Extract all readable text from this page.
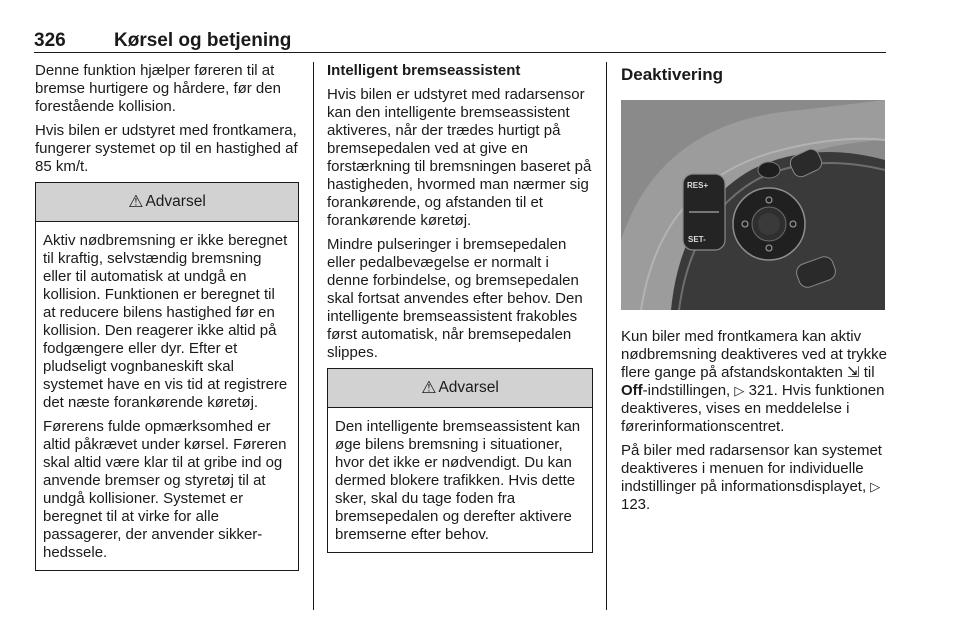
326	Kørsel og betjening

Denne funktion hjælper føreren til at bremse hurtigere og hårdere, før den forestående kollision.

Hvis bilen er udstyret med frontkamera, fungerer systemet op til en hastighed af 85 km/t.

⚠ Advarsel

Aktiv nødbremsning er ikke beregnet til kraftig, selvstændig bremsning eller til automatisk at undgå en kollision. Funktionen er beregnet til at reducere bilens hastighed før en kollision. Den reagerer ikke altid på fodgængere eller dyr. Efter et pludseligt vognbaneskift skal systemet have en vis tid at registrere det næste forankørende køretøj.

Førerens fulde opmærksomhed er altid påkrævet under kørsel. Føreren skal altid være klar til at gribe ind og anvende bremser og styretøj til at undgå kollisioner. Systemet er beregnet til at virke for alle passagerer, der anvender sikkerhedssele.

Intelligent bremseassistent

Hvis bilen er udstyret med radarsensor kan den intelligente bremseassistent aktiveres, når der trædes hurtigt på bremsepedalen ved at give en forstærkning til bremsningen baseret på hastigheden, hvormed man nærmer sig forankørende, og afstanden til et forankørende køretøj.

Mindre pulseringer i bremsepedalen eller pedalbevægelse er normalt i denne forbindelse, og bremsepedalen skal fortsat anvendes efter behov. Den intelligente bremseassistent frakobles først automatisk, når bremsepedalen slippes.

⚠ Advarsel

Den intelligente bremseassistent kan øge bilens bremsning i situationer, hvor det ikke er nødvendigt. Du kan dermed blokere trafikken. Hvis dette sker, skal du tage foden fra bremsepedalen og derefter aktivere bremserne efter behov.

Deaktivering
RES+
SET-

Kun biler med frontkamera kan aktiv nødbremsning deaktiveres ved at trykke flere gange på afstandskontakten ⇲ til Off-indstillingen, ▷ 321. Hvis funktionen deaktiveres, vises en meddelelse i førerinformationscentret.

På biler med radarsensor kan systemet deaktiveres i menuen for individuelle indstillinger på informationsdisplayet, ▷ 123.
